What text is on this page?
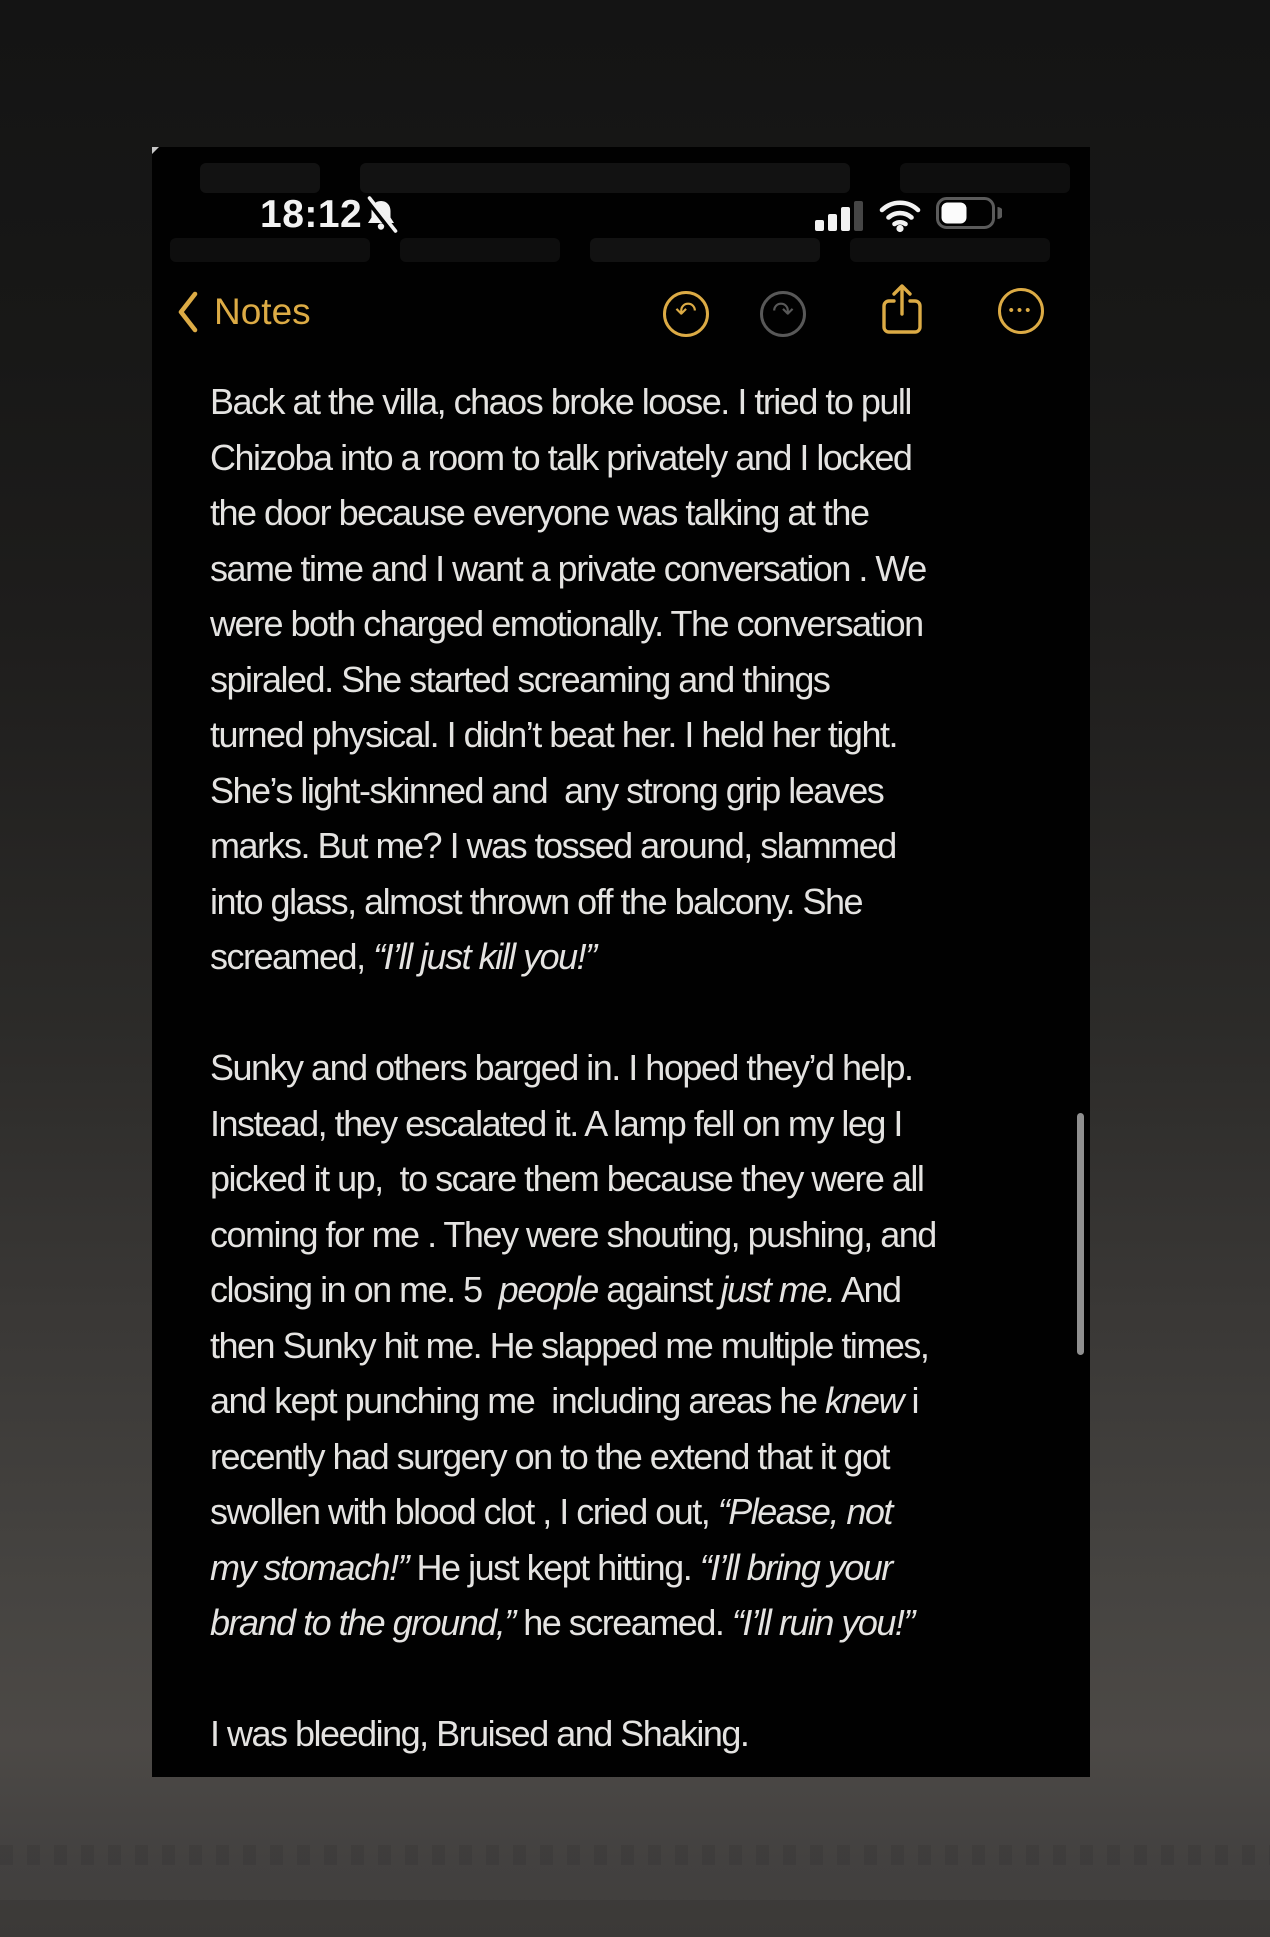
18:12
Notes	↶	↷	•••
Back at the villa, chaos broke loose. I tried to pull
Chizoba into a room to talk privately and I locked
the door because everyone was talking at the
same time and I want a private conversation . We
were both charged emotionally. The conversation
spiraled. She started screaming and things
turned physical. I didn’t beat her. I held her tight.
She’s light-skinned and  any strong grip leaves
marks. But me? I was tossed around, slammed
into glass, almost thrown off the balcony. She
screamed, “I’ll just kill you!”
Sunky and others barged in. I hoped they’d help.
Instead, they escalated it. A lamp fell on my leg I
picked it up,  to scare them because they were all
coming for me . They were shouting, pushing, and
closing in on me. 5  people against just me. And
then Sunky hit me. He slapped me multiple times,
and kept punching me  including areas he knew i
recently had surgery on to the extend that it got
swollen with blood clot , I cried out, “Please, not
my stomach!” He just kept hitting. “I’ll bring your
brand to the ground,” he screamed. “I’ll ruin you!”
I was bleeding, Bruised and Shaking.
